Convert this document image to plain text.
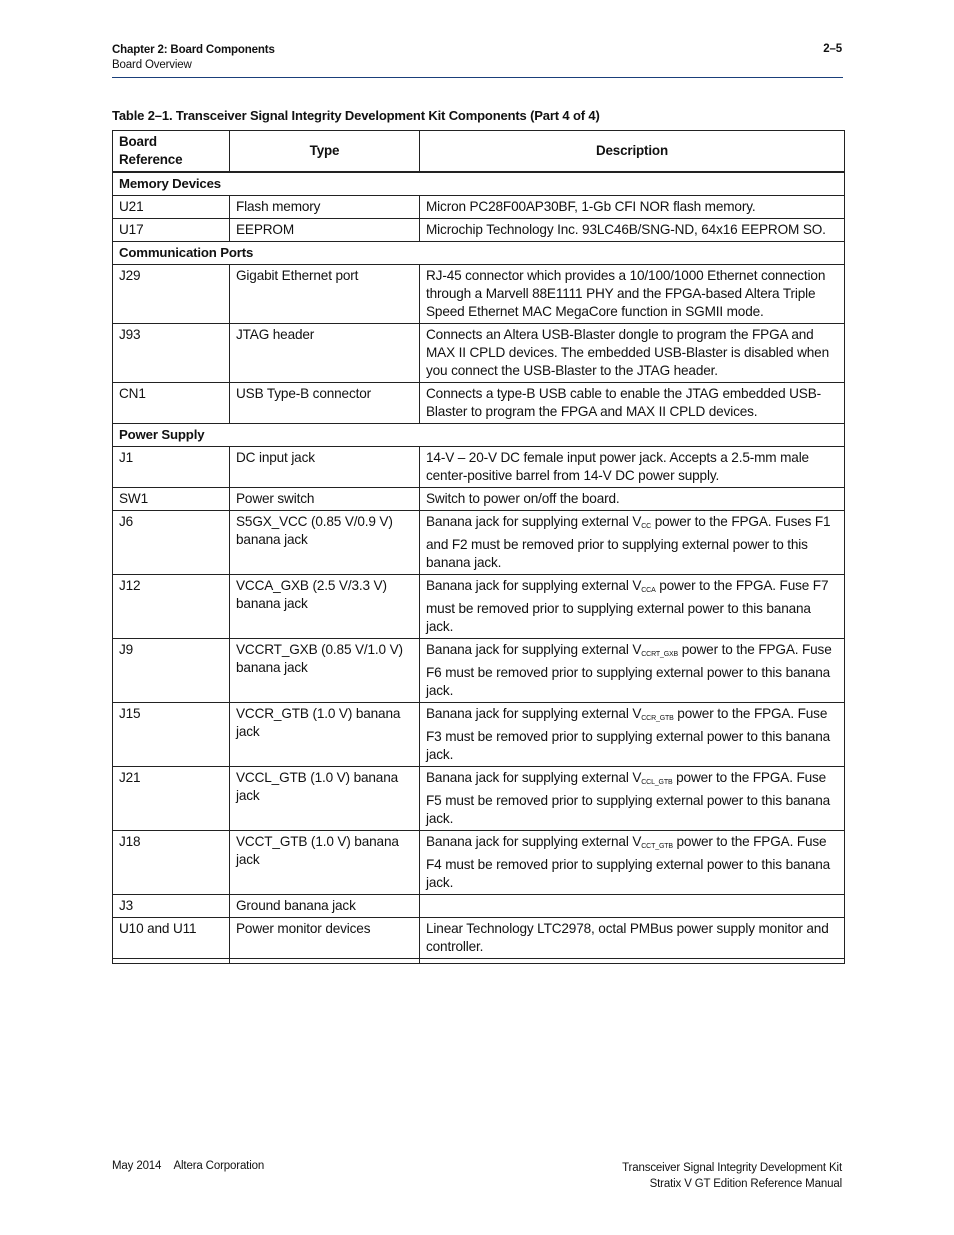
Chapter 2: Board Components
Board Overview
2–5
Table 2–1. Transceiver Signal Integrity Development Kit Components (Part 4 of 4)
Board Reference	Type	Description
Memory Devices		
U21	Flash memory	Micron PC28F00AP30BF, 1-Gb CFI NOR flash memory.
U17	EEPROM	Microchip Technology Inc. 93LC46B/SNG-ND, 64x16 EEPROM SO.
Communication Ports		
J29	Gigabit Ethernet port	RJ-45 connector which provides a 10/100/1000 Ethernet connection through a Marvell 88E1111 PHY and the FPGA-based Altera Triple Speed Ethernet MAC MegaCore function in SGMII mode.
J93	JTAG header	Connects an Altera USB-Blaster dongle to program the FPGA and MAX II CPLD devices. The embedded USB-Blaster is disabled when you connect the USB-Blaster to the JTAG header.
CN1	USB Type-B connector	Connects a type-B USB cable to enable the JTAG embedded USB-Blaster to program the FPGA and MAX II CPLD devices.
Power Supply		
J1	DC input jack	14-V – 20-V DC female input power jack. Accepts a 2.5-mm male center-positive barrel from 14-V DC power supply.
SW1	Power switch	Switch to power on/off the board.
J6	S5GX_VCC (0.85 V/0.9 V) banana jack	Banana jack for supplying external $V_{CC}$ power to the FPGA. Fuses F1 and F2 must be removed prior to supplying external power to this banana jack.
J12	VCCA_GXB (2.5 V/3.3 V) banana jack	Banana jack for supplying external $V_{CCA}$ power to the FPGA. Fuse F7 must be removed prior to supplying external power to this banana jack.
J9	VCCRT_GXB (0.85 V/1.0 V) banana jack	Banana jack for supplying external $V_{CCRT\_GXB}$ power to the FPGA. Fuse F6 must be removed prior to supplying external power to this banana jack.
J15	VCCR_GTB (1.0 V) banana jack	Banana jack for supplying external $V_{CCR\_GTB}$ power to the FPGA. Fuse F3 must be removed prior to supplying external power to this banana jack.
J21	VCCL_GTB (1.0 V) banana jack	Banana jack for supplying external $V_{CCL\_GTB}$ power to the FPGA. Fuse F5 must be removed prior to supplying external power to this banana jack.
J18	VCCT_GTB (1.0 V) banana jack	Banana jack for supplying external $V_{CCT\_GTB}$ power to the FPGA. Fuse F4 must be removed prior to supplying external power to this banana jack.
J3	Ground banana jack	
U10 and U11	Power monitor devices	Linear Technology LTC2978, octal PMBus power supply monitor and controller.

May 2014 Altera Corporation	Transceiver Signal Integrity Development Kit
Stratix V GT Edition Reference Manual
